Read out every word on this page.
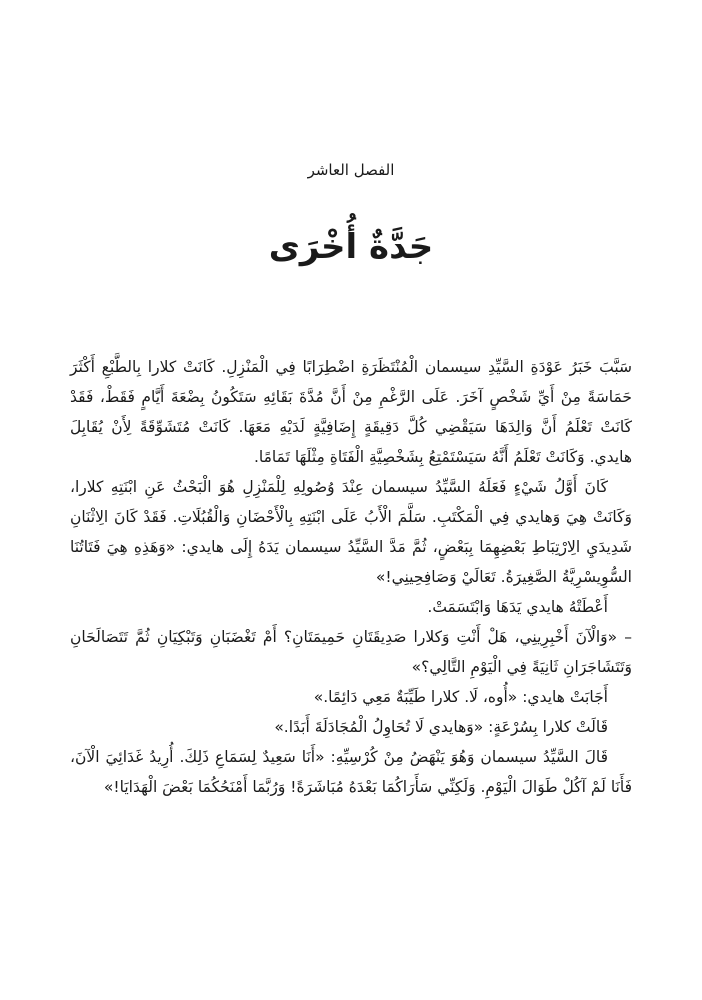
الفصل العاشر
جَدَّةٌ أُخْرَى

سَبَّبَ خَبَرُ عَوْدَةِ السَّيِّدِ سيسمان الْمُنْتَظَرَةِ اضْطِرَابًا فِي الْمَنْزِلِ. كَانَتْ كلارا بِالطَّبْعِ أَكْثَرَ حَمَاسَةً مِنْ أَيِّ شَخْصٍ آخَرَ. عَلَى الرَّغْمِ مِنْ أَنَّ مُدَّةَ بَقَائِهِ سَتَكُونُ بِضْعَةَ أَيَّامٍ فَقَطْ، فَقَدْ كَانَتْ تَعْلَمُ أَنَّ وَالِدَهَا سَيَقْضِي كُلَّ دَقِيقَةٍ إِضَافِيَّةٍ لَدَيْهِ مَعَهَا. كَانَتْ مُتَشَوِّقَةً لِأَنْ يُقَابِلَ هايدي. وَكَانَتْ تَعْلَمُ أَنَّهُ سَيَسْتَمْتِعُ بِشَخْصِيَّةِ الْفَتَاةِ مِثْلَهَا تَمَامًا.

كَانَ أَوَّلُ شَيْءٍ فَعَلَهُ السَّيِّدُ سيسمان عِنْدَ وُصُولِهِ لِلْمَنْزِلِ هُوَ الْبَحْثُ عَنِ ابْنَتِهِ كلارا، وَكَانَتْ هِيَ وَهايدي فِي الْمَكْتَبِ. سَلَّمَ الْأَبُ عَلَى ابْنَتِهِ بِالْأَحْضَانِ وَالْقُبُلَاتِ. فَقَدْ كَانَ الِاثْنَانِ شَدِيدَيِ الِارْتِبَاطِ بَعْضِهِمَا بِبَعْضٍ، ثُمَّ مَدَّ السَّيِّدُ سيسمان يَدَهُ إِلَى هايدي: «وَهَذِهِ هِيَ فَتَاتُنَا السُّوِيسْرِيَّةُ الصَّغِيرَةُ. تَعَالَيْ وَصَافِحِينِي!»

أَعْطَتْهُ هايدي يَدَهَا وَابْتَسَمَتْ.

– «وَالْآنَ أَخْبِرِينِي، هَلْ أَنْتِ وَكلارا صَدِيقَتَانِ حَمِيمَتَانِ؟ أَمْ تَغْضَبَانِ وَتَبْكِيَانِ ثُمَّ تَتَصَالَحَانِ وَتَتَشَاجَرَانِ ثَانِيَةً فِي الْيَوْمِ التَّالِي؟»

أَجَابَتْ هايدي: «أُوه، لَا. كلارا طَيِّبَةٌ مَعِي دَائِمًا.»

قَالَتْ كلارا بِسُرْعَةٍ: «وَهايدي لَا تُحَاوِلُ الْمُجَادَلَةَ أَبَدًا.»

قَالَ السَّيِّدُ سيسمان وَهُوَ يَنْهَضُ مِنْ كُرْسِيِّهِ: «أَنَا سَعِيدٌ لِسَمَاعِ ذَلِكَ. أُرِيدُ غَدَائِيَ الْآنَ، فَأَنَا لَمْ آكُلْ طَوَالَ الْيَوْمِ. وَلَكِنِّي سَأَرَاكُمَا بَعْدَهُ مُبَاشَرَةً! وَرُبَّمَا أَمْنَحُكُمَا بَعْضَ الْهَدَايَا!»
